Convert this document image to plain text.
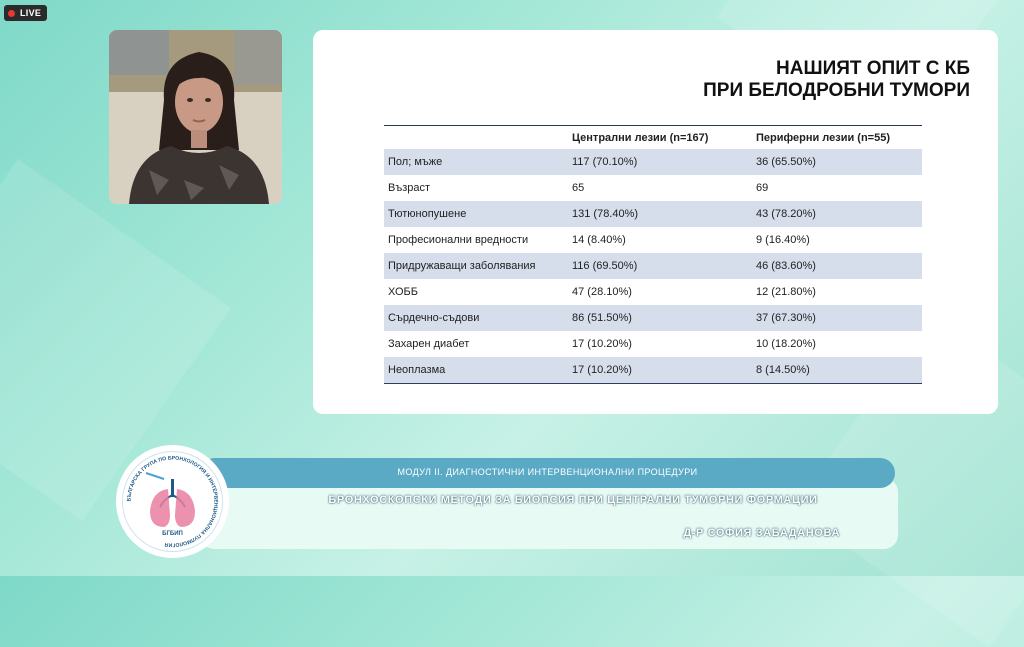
LIVE
НАШИЯТ ОПИТ С КБ
ПРИ БЕЛОДРОБНИ ТУМОРИ
	Централни лезии (n=167)	Периферни лезии (n=55)
Пол; мъже	117 (70.10%)	36 (65.50%)
Възраст	65	69
Тютюнопушене	131 (78.40%)	43 (78.20%)
Професионални вредности	14 (8.40%)	9 (16.40%)
Придружаващи заболявания	116 (69.50%)	46 (83.60%)
ХОББ	47 (28.10%)	12 (21.80%)
Сърдечно-съдови	86 (51.50%)	37 (67.30%)
Захарен диабет	17 (10.20%)	10 (18.20%)
Неоплазма	17 (10.20%)	8 (14.50%)
МОДУЛ II. ДИАГНОСТИЧНИ ИНТЕРВЕНЦИОНАЛНИ ПРОЦЕДУРИ
БРОНХОСКОПСКИ МЕТОДИ ЗА БИОПСИЯ ПРИ ЦЕНТРАЛНИ ТУМОРНИ ФОРМАЦИИ
Д-Р СОФИЯ ЗАБАДАНОВА
БЪЛГАРСКА ГРУПА ПО БРОНХОЛОГИЯ И ИНТЕРВЕНЦИОНАЛНА ПУЛМОЛОГИЯ
БГБИП
